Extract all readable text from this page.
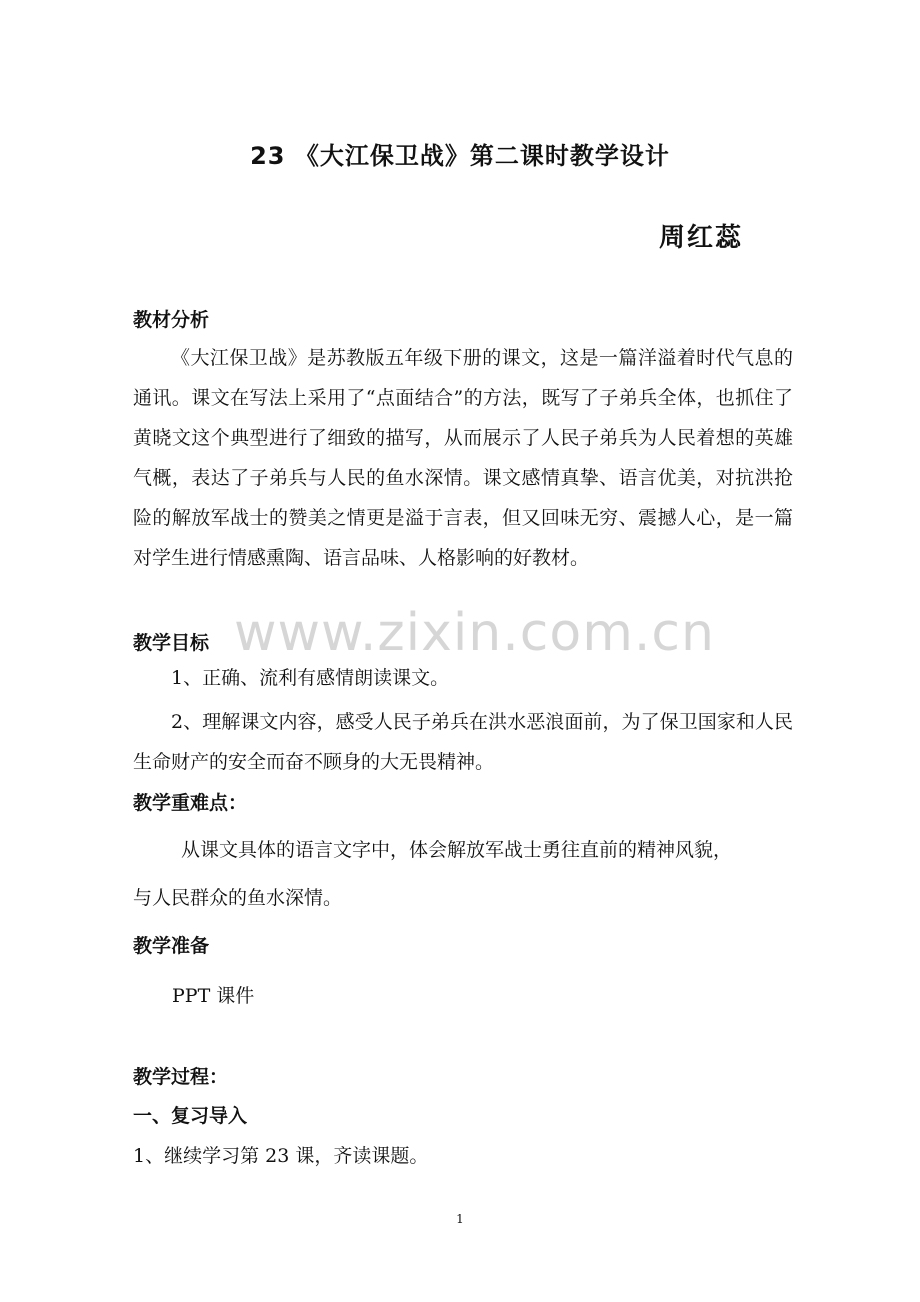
23 《大江保卫战》第二课时教学设计
周红蕊
教材分析
《大江保卫战》是苏教版五年级下册的课文，这是一篇洋溢着时代气息的通讯。课文在写法上采用了“点面结合”的方法，既写了子弟兵全体，也抓住了黄晓文这个典型进行了细致的描写，从而展示了人民子弟兵为人民着想的英雄气概，表达了子弟兵与人民的鱼水深情。课文感情真挚、语言优美，对抗洪抢险的解放军战士的赞美之情更是溢于言表，但又回味无穷、震撼人心，是一篇对学生进行情感熏陶、语言品味、人格影响的好教材。
教学目标
1、正确、流利有感情朗读课文。
2、理解课文内容，感受人民子弟兵在洪水恶浪面前，为了保卫国家和人民生命财产的安全而奋不顾身的大无畏精神。
教学重难点：
从课文具体的语言文字中，体会解放军战士勇往直前的精神风貌，
与人民群众的鱼水深情。
教学准备
PPT 课件
教学过程：
一、复习导入
1、继续学习第 23 课，齐读课题。
www.zixin.com.cn
1
